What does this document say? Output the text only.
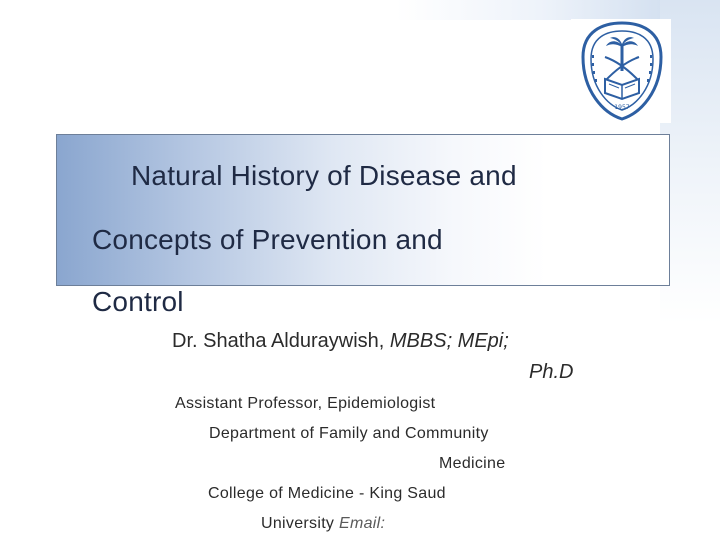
1957
Natural History of Disease and
Concepts of Prevention and
Control
Dr. Shatha Alduraywish, MBBS; MEpi;
Ph.D
Assistant Professor, Epidemiologist
Department of Family and Community
Medicine
College of Medicine - King Saud
University Email:
